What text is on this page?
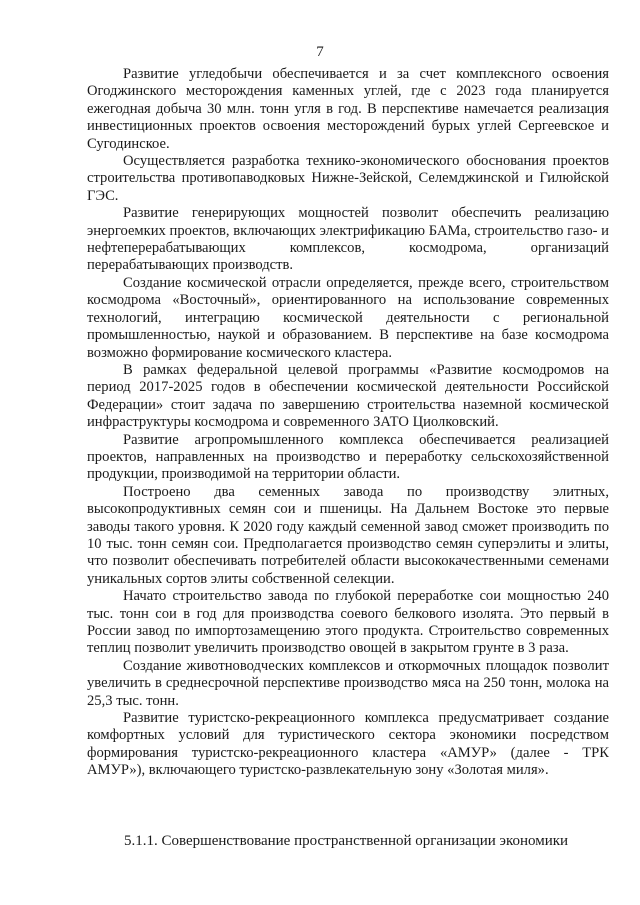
7

Развитие угледобычи обеспечивается и за счет комплексного освоения Огоджинского месторождения каменных углей, где с 2023 года планируется ежегодная добыча 30 млн. тонн угля в год. В перспективе намечается реализация инвестиционных проектов освоения месторождений бурых углей Сергеевское и Сугодинское.

Осуществляется разработка технико-экономического обоснования проектов строительства противопаводковых Нижне-Зейской, Селемджинской и Гилюйской ГЭС.

Развитие генерирующих мощностей позволит обеспечить реализацию энергоемких проектов, включающих электрификацию БАМа, строительство газо- и нефтеперерабатывающих комплексов, космодрома, организаций перерабатывающих производств.

Создание космической отрасли определяется, прежде всего, строительством космодрома «Восточный», ориентированного на использование современных технологий, интеграцию космической деятельности с региональной промышленностью, наукой и образованием. В перспективе на базе космодрома возможно формирование космического кластера.

В рамках федеральной целевой программы «Развитие космодромов на период 2017-2025 годов в обеспечении космической деятельности Российской Федерации» стоит задача по завершению строительства наземной космической инфраструктуры космодрома и современного ЗАТО Циолковский.

Развитие агропромышленного комплекса обеспечивается реализацией проектов, направленных на производство и переработку сельскохозяйственной продукции, производимой на территории области.

Построено два семенных завода по производству элитных, высокопродуктивных семян сои и пшеницы. На Дальнем Востоке это первые заводы такого уровня. К 2020 году каждый семенной завод сможет производить по 10 тыс. тонн семян сои. Предполагается производство семян суперэлиты и элиты, что позволит обеспечивать потребителей области высококачественными семенами уникальных сортов элиты собственной селекции.

Начато строительство завода по глубокой переработке сои мощностью 240 тыс. тонн сои в год для производства соевого белкового изолята. Это первый в России завод по импортозамещению этого продукта. Строительство современных теплиц позволит увеличить производство овощей в закрытом грунте в 3 раза.

Создание животноводческих комплексов и откормочных площадок позволит увеличить в среднесрочной перспективе производство мяса на 250 тонн, молока на 25,3 тыс. тонн.

Развитие туристско-рекреационного комплекса предусматривает создание комфортных условий для туристического сектора экономики посредством формирования туристско-рекреационного кластера «АМУР» (далее - ТРК АМУР»), включающего туристско-развлекательную зону «Золотая миля».

5.1.1. Совершенствование пространственной организации экономики
